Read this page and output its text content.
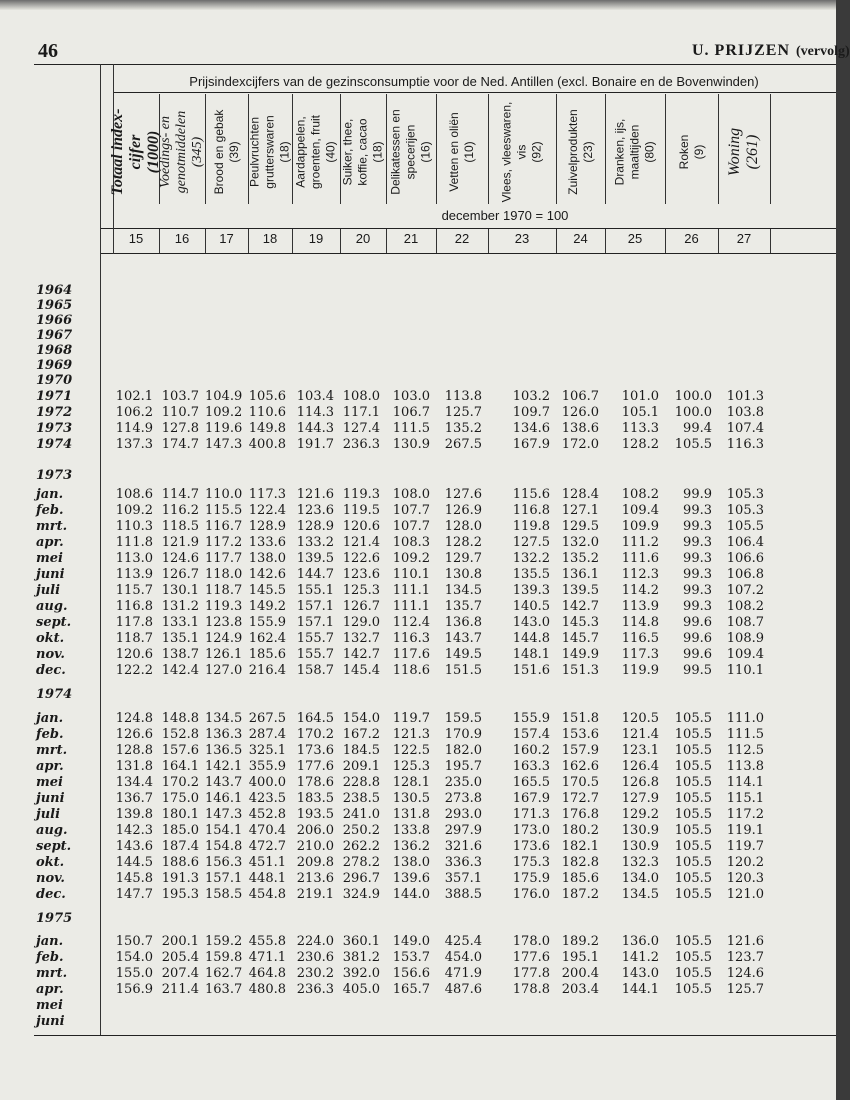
46	U. PRIJZEN (vervolg)
Prijsindexcijfers van de gezinsconsumptie voor de Ned. Antillen (excl. Bonaire en de Bovenwinden)
Totaal index-
cijfer
(1000)
Voedings- en
genotmiddelen
(345) Brood en gebak
(39) Peulvruchten
grutterswaren
(18) Aardappelen,
groenten, fruit
(40) Suiker, thee,
koffie, cacao
(18) Delikatessen en
specerijen
(16) Vetten en oliën
(10) Vlees, vleeswaren,
vis
(92) Zuivelprodukten
(23) Dranken, ijs,
maaltijden
(80) Roken
(9) Woning
(261)
december 1970 = 100
15	16	17	18	19	20	21	22	23	24	25	26	27
1964
1965
1966
1967
1968
1969
1970
1971	102.1 103.7 104.9 105.6 103.4 108.0 103.0	113.8	103.2 106.7	101.0	100.0	101.3
1972	106.2 110.7 109.2 110.6 114.3 117.1 106.7	125.7	109.7 126.0	105.1	100.0	103.8
1973	114.9 127.8 119.6 149.8 144.3 127.4 111.5	135.2	134.6 138.6	113.3	99.4	107.4
1974	137.3 174.7 147.3 400.8 191.7 236.3 130.9	267.5	167.9 172.0	128.2	105.5	116.3
1973
jan.	108.6 114.7 110.0 117.3 121.6 119.3 108.0	127.6	115.6 128.4	108.2	99.9	105.3
feb.	109.2 116.2 115.5 122.4 123.6 119.5 107.7	126.9	116.8 127.1	109.4	99.3	105.3
mrt.	110.3 118.5 116.7 128.9 128.9 120.6 107.7	128.0	119.8 129.5	109.9	99.3	105.5
apr.	111.8 121.9 117.2 133.6 133.2 121.4 108.3	128.2	127.5 132.0	111.2	99.3	106.4
mei	113.0 124.6 117.7 138.0 139.5 122.6 109.2	129.7	132.2 135.2	111.6	99.3	106.6
juni	113.9 126.7 118.0 142.6 144.7 123.6 110.1	130.8	135.5 136.1	112.3	99.3	106.8
juli	115.7 130.1 118.7 145.5 155.1 125.3 111.1	134.5	139.3 139.5	114.2	99.3	107.2
aug.	116.8 131.2 119.3 149.2 157.1 126.7 111.1	135.7	140.5 142.7	113.9	99.3	108.2
sept.	117.8 133.1 123.8 155.9 157.1 129.0 112.4	136.8	143.0 145.3	114.8	99.6	108.7
okt.	118.7 135.1 124.9 162.4 155.7 132.7 116.3	143.7	144.8 145.7	116.5	99.6	108.9
nov.	120.6 138.7 126.1 185.6 155.7 142.7 117.6	149.5	148.1 149.9	117.3	99.6	109.4
dec.	122.2 142.4 127.0 216.4 158.7 145.4 118.6	151.5	151.6 151.3	119.9	99.5	110.1
1974
jan.	124.8 148.8 134.5 267.5 164.5 154.0 119.7	159.5	155.9 151.8	120.5	105.5	111.0
feb.	126.6 152.8 136.3 287.4 170.2 167.2 121.3	170.9	157.4 153.6	121.4	105.5	111.5
mrt.	128.8 157.6 136.5 325.1 173.6 184.5 122.5	182.0	160.2 157.9	123.1	105.5	112.5
apr.	131.8 164.1 142.1 355.9 177.6 209.1 125.3	195.7	163.3 162.6	126.4	105.5	113.8
mei	134.4 170.2 143.7 400.0 178.6 228.8 128.1	235.0	165.5 170.5	126.8	105.5	114.1
juni	136.7 175.0 146.1 423.5 183.5 238.5 130.5	273.8	167.9 172.7	127.9	105.5	115.1
juli	139.8 180.1 147.3 452.8 193.5 241.0 131.8	293.0	171.3 176.8	129.2	105.5	117.2
aug.	142.3 185.0 154.1 470.4 206.0 250.2 133.8	297.9	173.0 180.2	130.9	105.5	119.1
sept.	143.6 187.4 154.8 472.7 210.0 262.2 136.2	321.6	173.6 182.1	130.9	105.5	119.7
okt.	144.5 188.6 156.3 451.1 209.8 278.2 138.0	336.3	175.3 182.8	132.3	105.5	120.2
nov.	145.8 191.3 157.1 448.1 213.6 296.7 139.6	357.1	175.9 185.6	134.0	105.5	120.3
dec.	147.7 195.3 158.5 454.8 219.1 324.9 144.0	388.5	176.0 187.2	134.5	105.5	121.0
1975
jan.	150.7 200.1 159.2 455.8 224.0 360.1 149.0	425.4	178.0 189.2	136.0	105.5	121.6
feb.	154.0 205.4 159.8 471.1 230.6 381.2 153.7	454.0	177.6 195.1	141.2	105.5	123.7
mrt.	155.0 207.4 162.7 464.8 230.2 392.0 156.6	471.9	177.8 200.4	143.0	105.5	124.6
apr.	156.9 211.4 163.7 480.8 236.3 405.0 165.7	487.6	178.8 203.4	144.1	105.5	125.7
mei
juni
